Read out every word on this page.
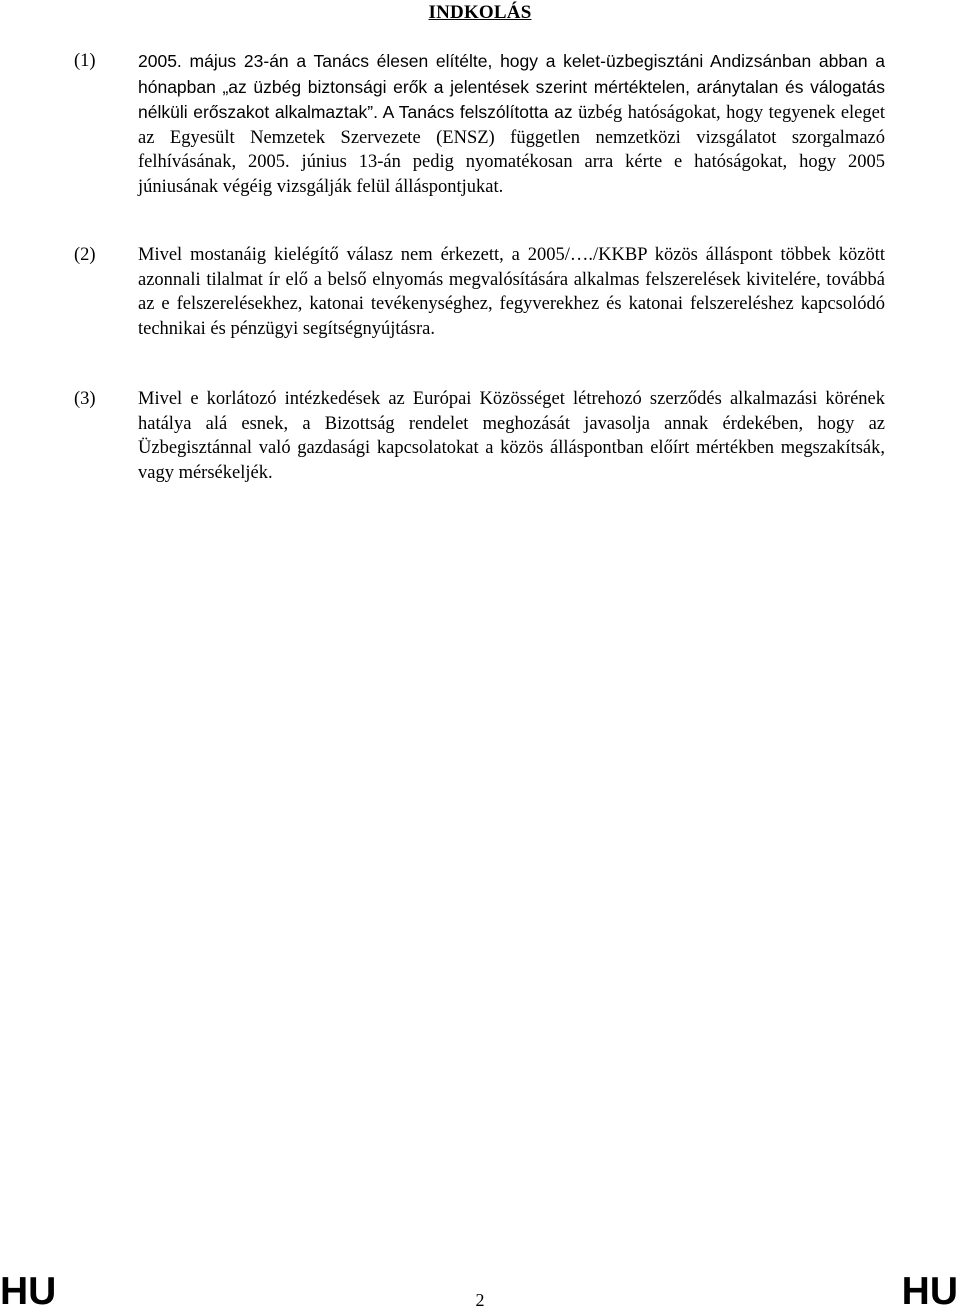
INDKOLÁS
(1) 2005. május 23-án a Tanács élesen elítélte, hogy a kelet-üzbegisztáni Andizsánban abban a hónapban „az üzbég biztonsági erők a jelentések szerint mértéktelen, aránytalan és válogatás nélküli erőszakot alkalmaztak”. A Tanács felszólította az üzbég hatóságokat, hogy tegyenek eleget az Egyesült Nemzetek Szervezete (ENSZ) független nemzetközi vizsgálatot szorgalmazó felhívásának, 2005. június 13-án pedig nyomatékosan arra kérte e hatóságokat, hogy 2005 júniusának végéig vizsgálják felül álláspontjukat.
(2) Mivel mostanáig kielégítő válasz nem érkezett, a 2005/…./KKBP közös álláspont többek között azonnali tilalmat ír elő a belső elnyomás megvalósítására alkalmas felszerelések kivitelére, továbbá az e felszerelésekhez, katonai tevékenységhez, fegyverekhez és katonai felszereléshez kapcsolódó technikai és pénzügyi segítségnyújtásra.
(3) Mivel e korlátozó intézkedések az Európai Közösséget létrehozó szerződés alkalmazási körének hatálya alá esnek, a Bizottság rendelet meghozását javasolja annak érdekében, hogy az Üzbegisztánnal való gazdasági kapcsolatokat a közös álláspontban előírt mértékben megszakítsák, vagy mérsékeljék.
HU	2	HU
